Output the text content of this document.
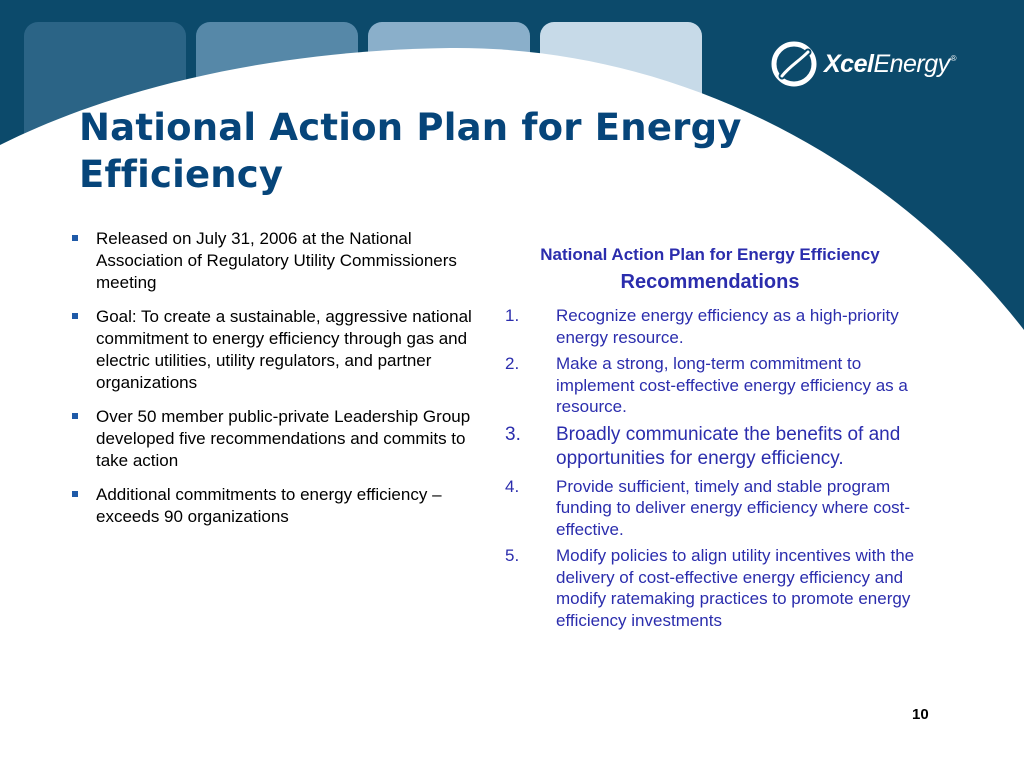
Xcel Energy ®
National Action Plan for Energy Efficiency
Released on July 31, 2006 at the National Association of Regulatory Utility Commissioners meeting
Goal: To create a sustainable, aggressive national commitment to energy efficiency through gas and electric utilities, utility regulators, and partner organizations
Over 50 member public-private Leadership Group developed five recommendations and commits to take action
Additional commitments to energy efficiency – exceeds 90 organizations

National Action Plan for Energy Efficiency

Recommendations

1. Recognize energy efficiency as a high-priority energy resource.
2. Make a strong, long-term commitment to implement cost-effective energy efficiency as a resource.
3. Broadly communicate the benefits of and opportunities for energy efficiency.
4. Provide sufficient, timely and stable program funding to deliver energy efficiency where cost-effective.
5. Modify policies to align utility incentives with the delivery of cost-effective energy efficiency and modify ratemaking practices to promote energy efficiency investments
10
